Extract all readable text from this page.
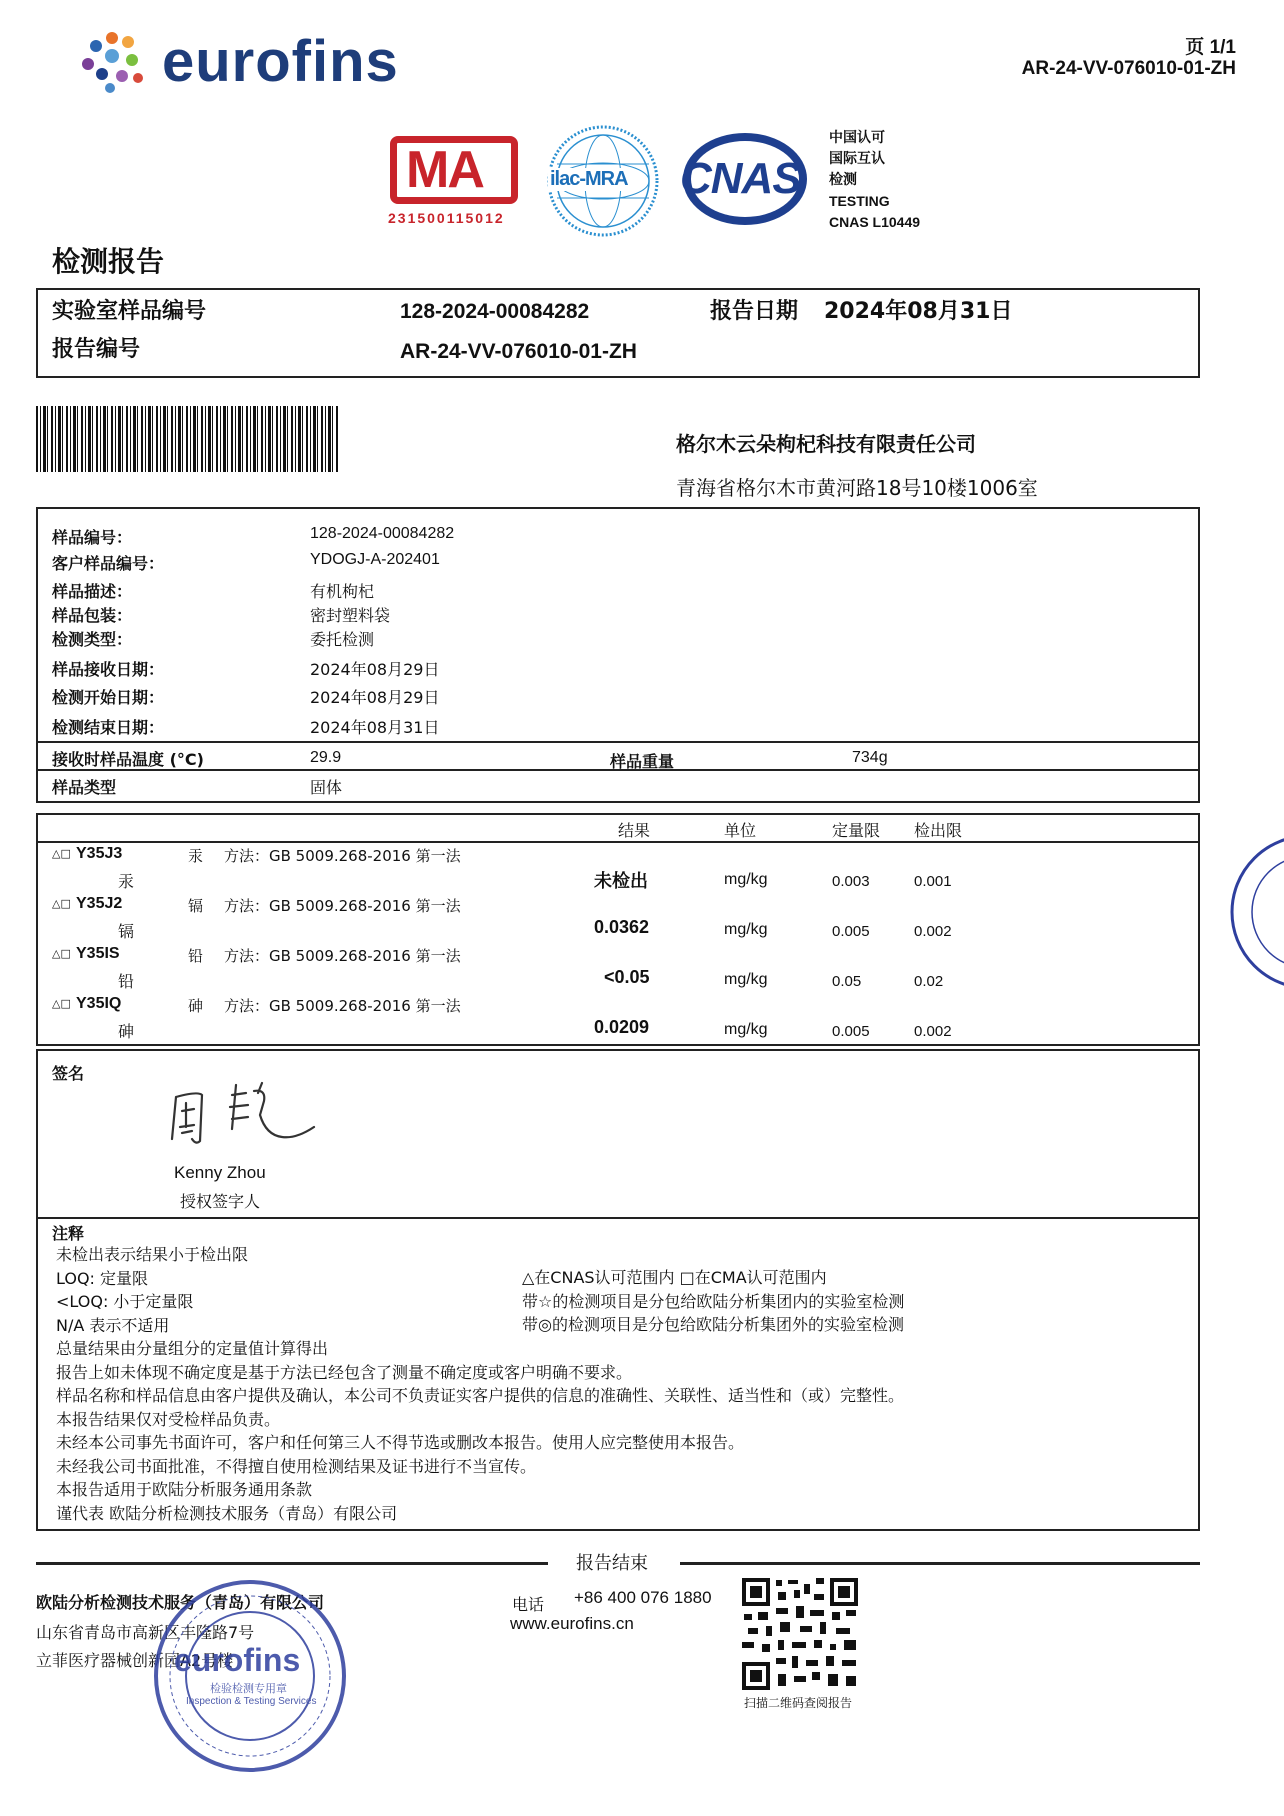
eurofins	页 1/1
AR-24-VV-076010-01-ZH
MA
231500115012
ilac-MRA CNAS
中国认可
国际互认
检测
TESTING
CNAS L10449
检测报告
实验室样品编号	128-2024-00084282	报告日期 2024年08月31日
报告编号	AR-24-VV-076010-01-ZH
格尔木云朵枸杞科技有限责任公司
青海省格尔木市黄河路18号10楼1006室
样品编号：	128-2024-00084282
客户样品编号：	YDOGJ-A-202401
样品描述：	有机枸杞
样品包装：	密封塑料袋
检测类型：	委托检测
样品接收日期：	2024年08月29日
检测开始日期：	2024年08月29日
检测结束日期：	2024年08月31日
接收时样品温度 (°C)	29.9	样品重量	734g
样品类型	固体
结果	单位	定量限 检出限
△□ Y35J3	汞 方法：GB 5009.268-2016 第一法
汞	未检出	mg/kg	0.003	0.001
△□ Y35J2	镉 方法：GB 5009.268-2016 第一法
镉	0.0362	mg/kg	0.005	0.002
△□ Y35IS	铅 方法：GB 5009.268-2016 第一法
铅	<0.05	mg/kg	0.05	0.02
△□ Y35IQ	砷 方法：GB 5009.268-2016 第一法
砷	0.0209	mg/kg	0.005	0.002
签名
Kenny Zhou
授权签字人
注释
未检出表示结果小于检出限
LOQ: 定量限
<LOQ: 小于定量限
N/A 表示不适用
△在CNAS认可范围内 □在CMA认可范围内
带☆的检测项目是分包给欧陆分析集团内的实验室检测
带◎的检测项目是分包给欧陆分析集团外的实验室检测
总量结果由分量组分的定量值计算得出
报告上如未体现不确定度是基于方法已经包含了测量不确定度或客户明确不要求。
样品名称和样品信息由客户提供及确认，本公司不负责证实客户提供的信息的准确性、关联性、适当性和（或）完整性。
本报告结果仅对受检样品负责。
未经本公司事先书面许可，客户和任何第三人不得节选或删改本报告。使用人应完整使用本报告。
未经我公司书面批准，不得擅自使用检测结果及证书进行不当宣传。
本报告适用于欧陆分析服务通用条款
谨代表 欧陆分析检测技术服务（青岛）有限公司
报告结束
欧陆分析检测技术服务（青岛）有限公司
山东省青岛市高新区丰隆路7号
立菲医疗器械创新园A2号楼
电话 +86 400 076 1880
www.eurofins.cn
扫描二维码查阅报告
eurofins
检验检测专用章
Inspection & Testing Services
